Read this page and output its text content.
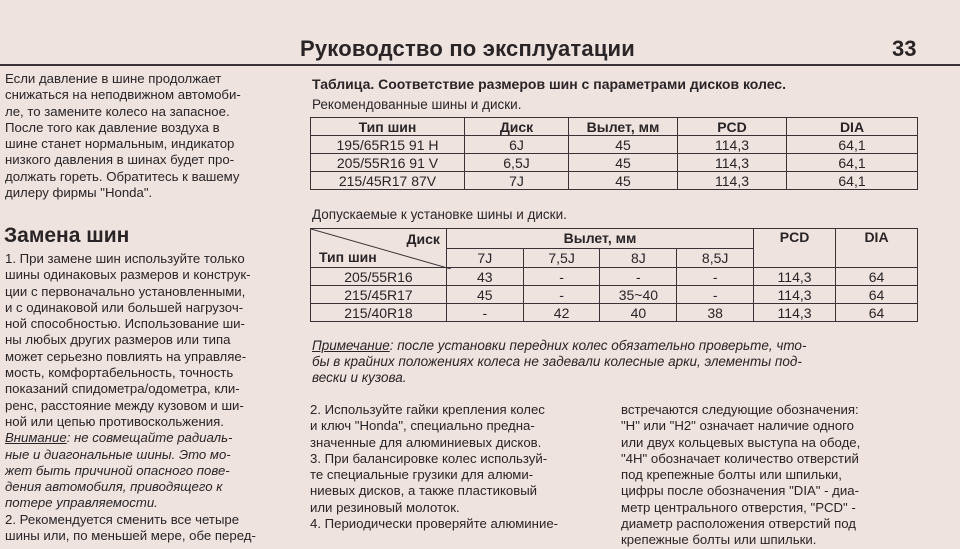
Руководство по эксплуатации	33
Если давление в шине продолжает
снижаться на неподвижном автомоби-
ле, то замените колесо на запасное.
После того как давление воздуха в
шине станет нормальным, индикатор
низкого давления в шинах будет про-
должать гореть. Обратитесь к вашему
дилеру фирмы "Honda".
Замена шин
1. При замене шин используйте только
шины одинаковых размеров и конструк-
ции с первоначально установленными,
и с одинаковой или большей нагрузоч-
ной способностью. Использование ши-
ны любых других размеров или типа
может серьезно повлиять на управляе-
мость, комфортабельность, точность
показаний спидометра/одометра, кли-
ренс, расстояние между кузовом и ши-
ной или цепью противоскольжения.
Внимание: не совмещайте радиаль-
ные и диагональные шины. Это мо-
жет быть причиной опасного пове-
дения автомобиля, приводящего к
потере управляемости.
2. Рекомендуется сменить все четыре
шины или, по меньшей мере, обе перед-
Таблица. Соответствие размеров шин с параметрами дисков колес.
Рекомендованные шины и диски.
Тип шин	Диск	Вылет, мм	PCD	DIA
195/65R15 91 H	6J	45	114,3	64,1
205/55R16 91 V	6,5J	45	114,3	64,1
215/45R17 87V	7J	45	114,3	64,1
Допускаемые к установке шины и диски.
Диск
Тип шин	Вылет, мм				PCD	DIA
	7J	7,5J	8J	8,5J		
205/55R16	43	-	-	-	114,3	64
215/45R17	45	-	35~40	-	114,3	64
215/40R18	-	42	40	38	114,3	64
Примечание: после установки передних колес обязательно проверьте, что-
бы в крайних положениях колеса не задевали колесные арки, элементы под-
вески и кузова.
2. Используйте гайки крепления колес
и ключ "Honda", специально предна-
значенные для алюминиевых дисков.
3. При балансировке колес используй-
те специальные грузики для алюми-
ниевых дисков, а также пластиковый
или резиновый молоток.
4. Периодически проверяйте алюминие-
встречаются следующие обозначения:
"H" или "H2" означает наличие одного
или двух кольцевых выступа на ободе,
"4H" обозначает количество отверстий
под крепежные болты или шпильки,
цифры после обозначения "DIA" - диа-
метр центрального отверстия, "PCD" -
диаметр расположения отверстий под
крепежные болты или шпильки.
